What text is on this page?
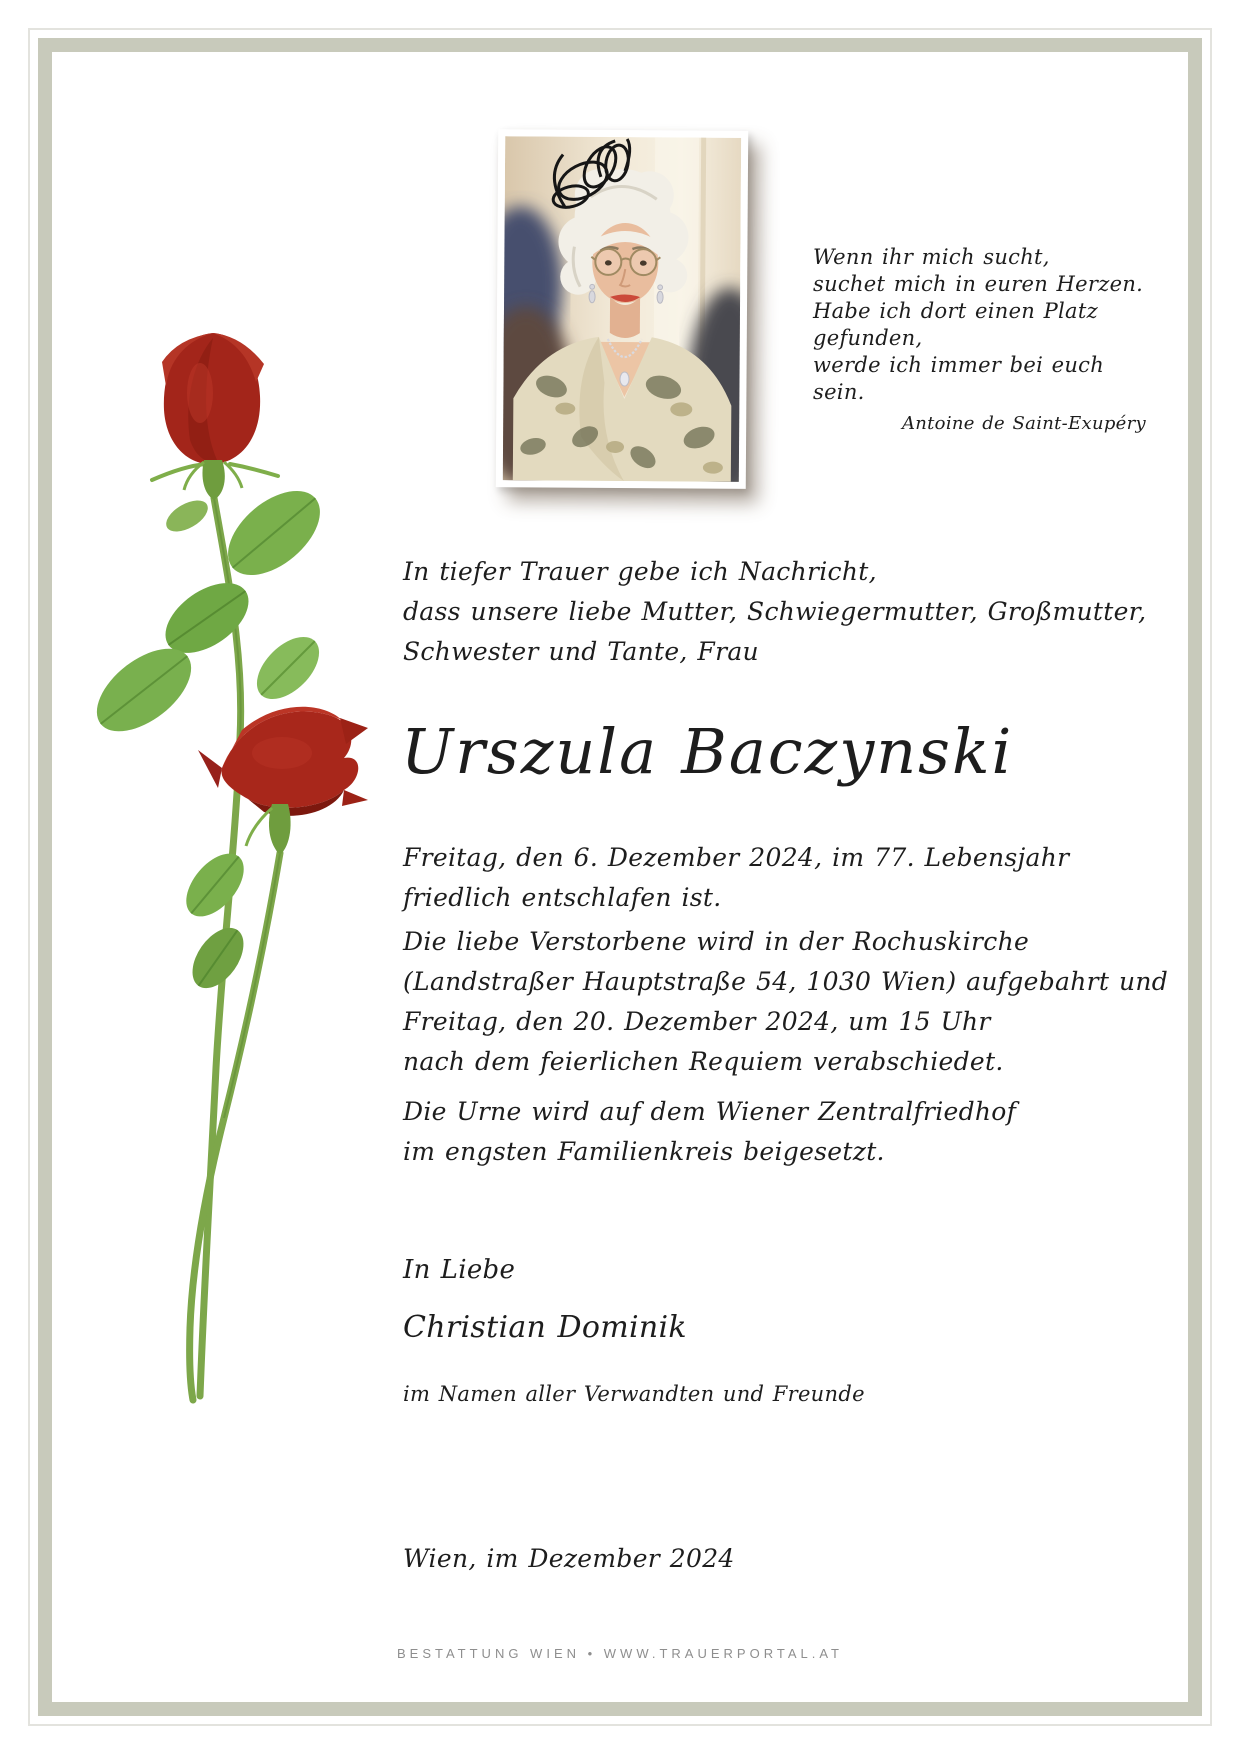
Wenn ihr mich sucht,
suchet mich in euren Herzen.
Habe ich dort einen Platz gefunden,
werde ich immer bei euch sein.
Antoine de Saint-Exupéry
In tiefer Trauer gebe ich Nachricht,
dass unsere liebe Mutter, Schwiegermutter, Großmutter,
Schwester und Tante, Frau
Urszula Baczynski
Freitag, den 6. Dezember 2024, im 77. Lebensjahr
friedlich entschlafen ist.
Die liebe Verstorbene wird in der Rochuskirche
(Landstraßer Hauptstraße 54, 1030 Wien) aufgebahrt und
Freitag, den 20. Dezember 2024, um 15 Uhr
nach dem feierlichen Requiem verabschiedet.
Die Urne wird auf dem Wiener Zentralfriedhof
im engsten Familienkreis beigesetzt.
In Liebe
Christian Dominik
im Namen aller Verwandten und Freunde
Wien, im Dezember 2024
BESTATTUNG WIEN • WWW.TRAUERPORTAL.AT
